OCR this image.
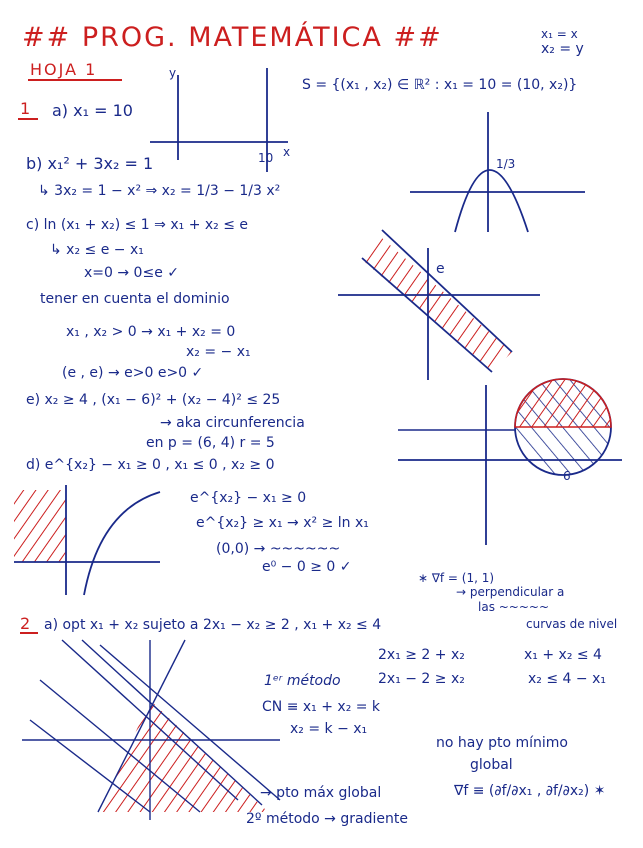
## PROG. MATEMÁTICA ##	x₁ = x
x₂ = y
HOJA 1
1 a) x₁ = 10
S = {(x₁ , x₂) ∈ ℝ² : x₁ = 10 = (10, x₂)}
y
x
10
b) x₁² + 3x₂ = 1
↳ 3x₂ = 1 − x² ⇒ x₂ = 1/3 − 1/3 x²
1/3
c) ln (x₁ + x₂) ≤ 1 ⇒ x₁ + x₂ ≤ e
↳ x₂ ≤ e − x₁
x=0 → 0≤e ✓
tener en cuenta el dominio
x₁ , x₂ > 0 → x₁ + x₂ = 0
x₂ = − x₁
(e , e) → e>0 e>0 ✓
e
e) x₂ ≥ 4 , (x₁ − 6)² + (x₂ − 4)² ≤ 25
→ aka circunferencia
en p = (6, 4) r = 5
6
d) e^{x₂} − x₁ ≥ 0 , x₁ ≤ 0 , x₂ ≥ 0
e^{x₂} − x₁ ≥ 0
e^{x₂} ≥ x₁ → x² ≥ ln x₁
(0,0) → ~~~~~~
e⁰ − 0 ≥ 0 ✓
2 a) opt x₁ + x₂ sujeto a 2x₁ − x₂ ≥ 2 , x₁ + x₂ ≤ 4
∗ ∇f = (1, 1)
→ perpendicular a
las ~~~~~
curvas de nivel
2x₁ ≥ 2 + x₂
2x₁ − 2 ≥ x₂
x₁ + x₂ ≤ 4
x₂ ≤ 4 − x₁
1ᵉʳ método
CN ≡ x₁ + x₂ = k
x₂ = k − x₁
no hay pto mínimo
global
→ pto máx global
2º método → gradiente
∇f ≡ (∂f/∂x₁ , ∂f/∂x₂) ✶
